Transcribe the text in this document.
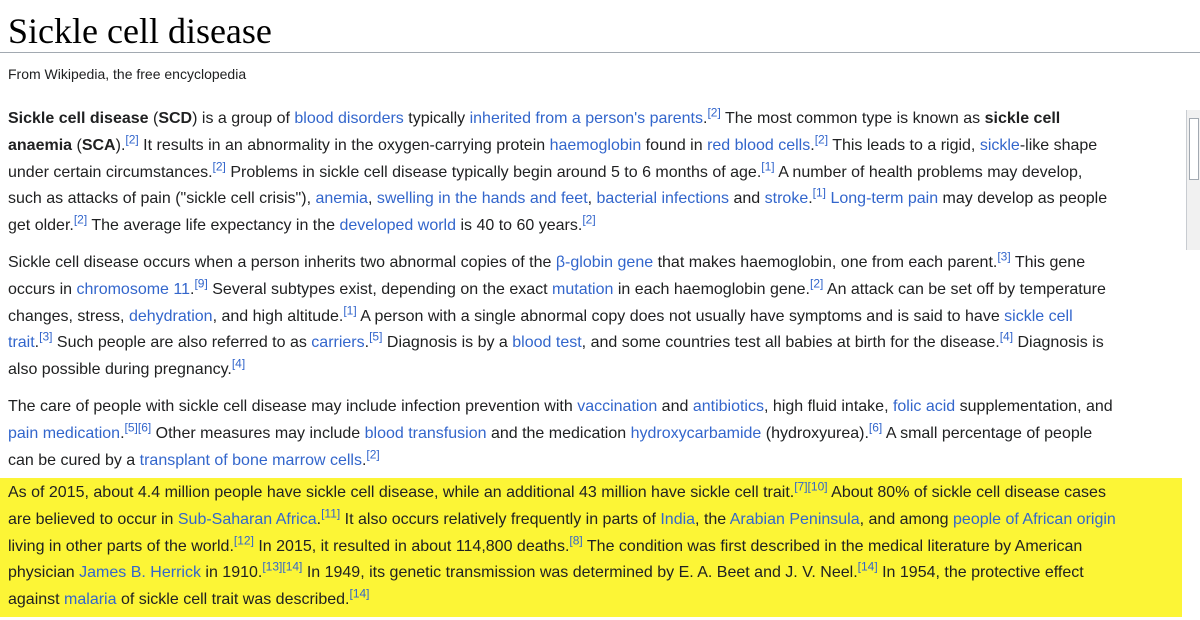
Sickle cell disease
From Wikipedia, the free encyclopedia

Sickle cell disease (SCD) is a group of blood disorders typically inherited from a person's parents.[2] The most common type is known as sickle cell
anaemia (SCA).[2] It results in an abnormality in the oxygen-carrying protein haemoglobin found in red blood cells.[2] This leads to a rigid, sickle-like shape
under certain circumstances.[2] Problems in sickle cell disease typically begin around 5 to 6 months of age.[1] A number of health problems may develop,
such as attacks of pain ("sickle cell crisis"), anemia, swelling in the hands and feet, bacterial infections and stroke.[1] Long-term pain may develop as people
get older.[2] The average life expectancy in the developed world is 40 to 60 years.[2]

Sickle cell disease occurs when a person inherits two abnormal copies of the β-globin gene that makes haemoglobin, one from each parent.[3] This gene
occurs in chromosome 11.[9] Several subtypes exist, depending on the exact mutation in each haemoglobin gene.[2] An attack can be set off by temperature
changes, stress, dehydration, and high altitude.[1] A person with a single abnormal copy does not usually have symptoms and is said to have sickle cell
trait.[3] Such people are also referred to as carriers.[5] Diagnosis is by a blood test, and some countries test all babies at birth for the disease.[4] Diagnosis is
also possible during pregnancy.[4]

The care of people with sickle cell disease may include infection prevention with vaccination and antibiotics, high fluid intake, folic acid supplementation, and
pain medication.[5][6] Other measures may include blood transfusion and the medication hydroxycarbamide (hydroxyurea).[6] A small percentage of people
can be cured by a transplant of bone marrow cells.[2]

As of 2015, about 4.4 million people have sickle cell disease, while an additional 43 million have sickle cell trait.[7][10] About 80% of sickle cell disease cases
are believed to occur in Sub-Saharan Africa.[11] It also occurs relatively frequently in parts of India, the Arabian Peninsula, and among people of African origin
living in other parts of the world.[12] In 2015, it resulted in about 114,800 deaths.[8] The condition was first described in the medical literature by American
physician James B. Herrick in 1910.[13][14] In 1949, its genetic transmission was determined by E. A. Beet and J. V. Neel.[14] In 1954, the protective effect
against malaria of sickle cell trait was described.[14]
